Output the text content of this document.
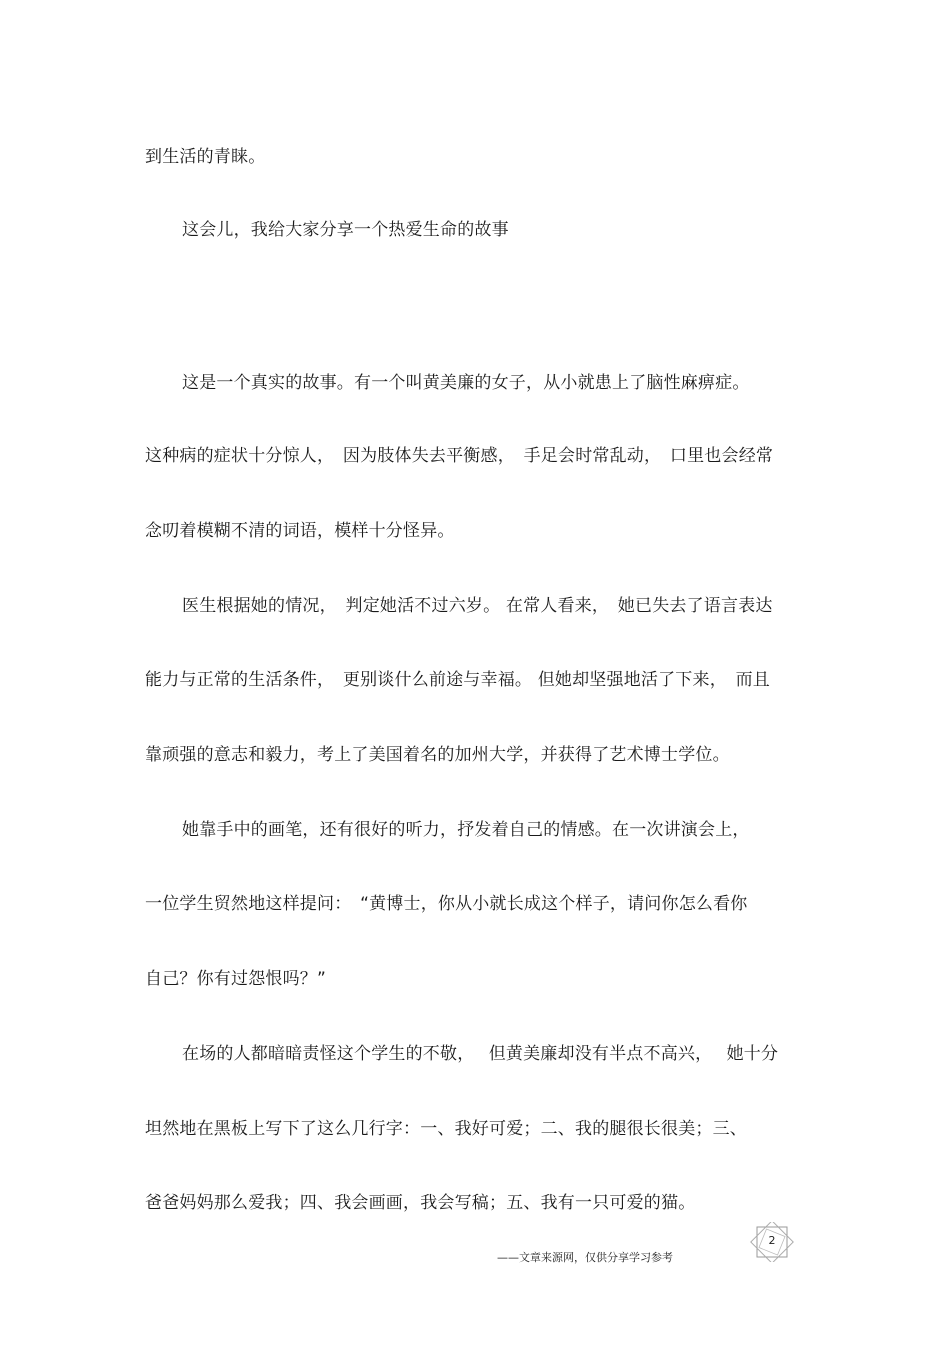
到生活的青睐。
这会儿，我给大家分享一个热爱生命的故事
这是一个真实的故事。有一个叫黄美廉的女子，从小就患上了脑性麻痹症。
这种病的症状十分惊人，　因为肢体失去平衡感，　手足会时常乱动，　口里也会经常
念叨着模糊不清的词语，模样十分怪异。
医生根据她的情况，　判定她活不过六岁。 在常人看来，　她已失去了语言表达
能力与正常的生活条件，　更别谈什么前途与幸福。 但她却坚强地活了下来，　而且
靠顽强的意志和毅力，考上了美国着名的加州大学，并获得了艺术博士学位。
她靠手中的画笔，还有很好的听力，抒发着自己的情感。在一次讲演会上，
一位学生贸然地这样提问：　“黄博士，你从小就长成这个样子，请问你怎么看你
自己？你有过怨恨吗？”
在场的人都暗暗责怪这个学生的不敬，　 但黄美廉却没有半点不高兴，　 她十分
坦然地在黑板上写下了这么几行字：一、我好可爱；二、我的腿很长很美；三、
爸爸妈妈那么爱我；四、我会画画，我会写稿；五、我有一只可爱的猫。
2
——文章来源网，仅供分享学习参考
